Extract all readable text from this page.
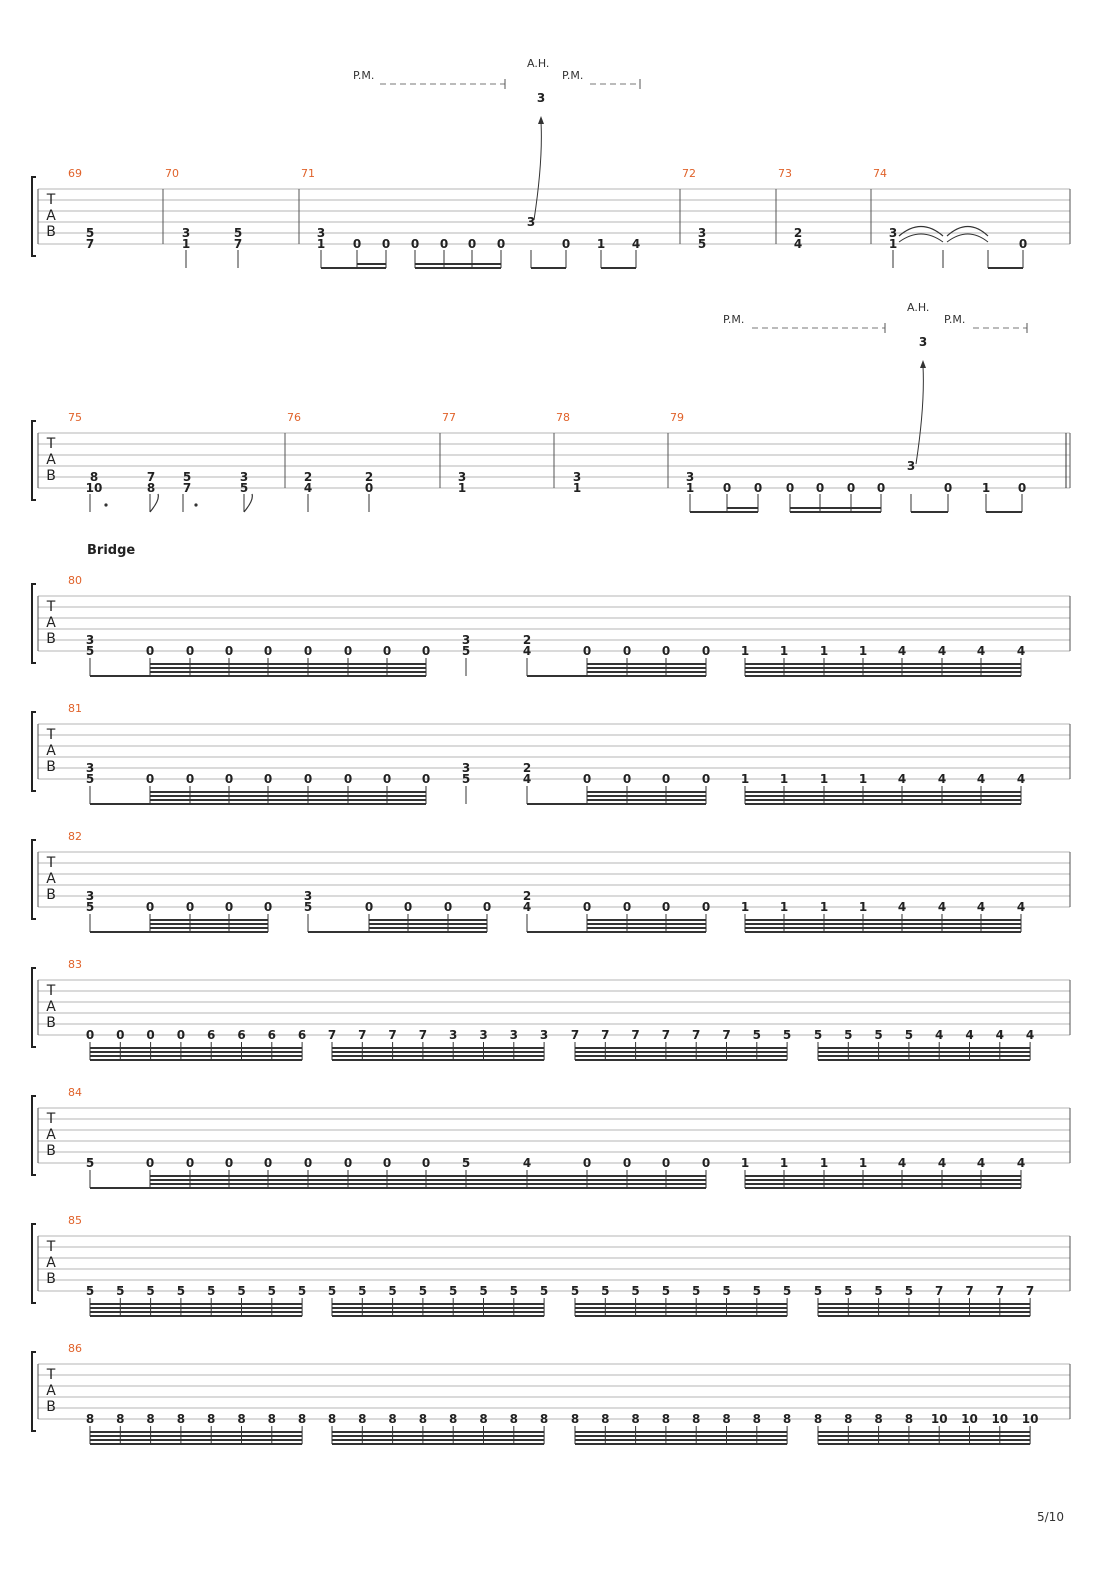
T
A
B
69
5
7
70
3
1
5
7
71
3
1 0 0 0 0 0 0
3
0 1 4
72
3
5
73
2
4
74
3
1	0
P.M.
A.H.
P.M.
3
T
A
B
75
8
10
7
8
5
7
3
5
76
2
4
2
0
77
3
1
78
3
1
79
3
1 0 0 0 0 0 0
3
0 1 0
P.M.
A.H.
P.M.
3
Bridge
T
A
B
80
3
5	0	0	0	0	0	0	0	0
3
5
2
4	0	0	0	0	1	1	1	1	4	4	4	4
T
A
B
81
3
5	0	0	0	0	0	0	0	0
3
5
2
4	0	0	0	0	1	1	1	1	4	4	4	4
T
A
B
82
3
5	0	0	0	0
3
5	0	0	0	0
2
4	0	0	0	0	1	1	1	1	4	4	4	4
T
A
B
83
0 0 0 0 6 6 6 6 7 7 7 7 3 3 3 3 7 7 7 7 7 7 5 5 5 5 5 5 4 4 4 4
T
A
B
84
5	0	0	0	0	0	0	0	0	5	4	0	0	0	0	1	1	1	1	4	4	4	4
T
A
B
85
5 5 5 5 5 5 5 5 5 5 5 5 5 5 5 5 5 5 5 5 5 5 5 5 5 5 5 5 7 7 7 7
T
A
B
86
8 8 8 8 8 8 8 8 8 8 8 8 8 8 8 8 8 8 8 8 8 8 8 8 8 8 8 8 10 10 10 10
5/10
